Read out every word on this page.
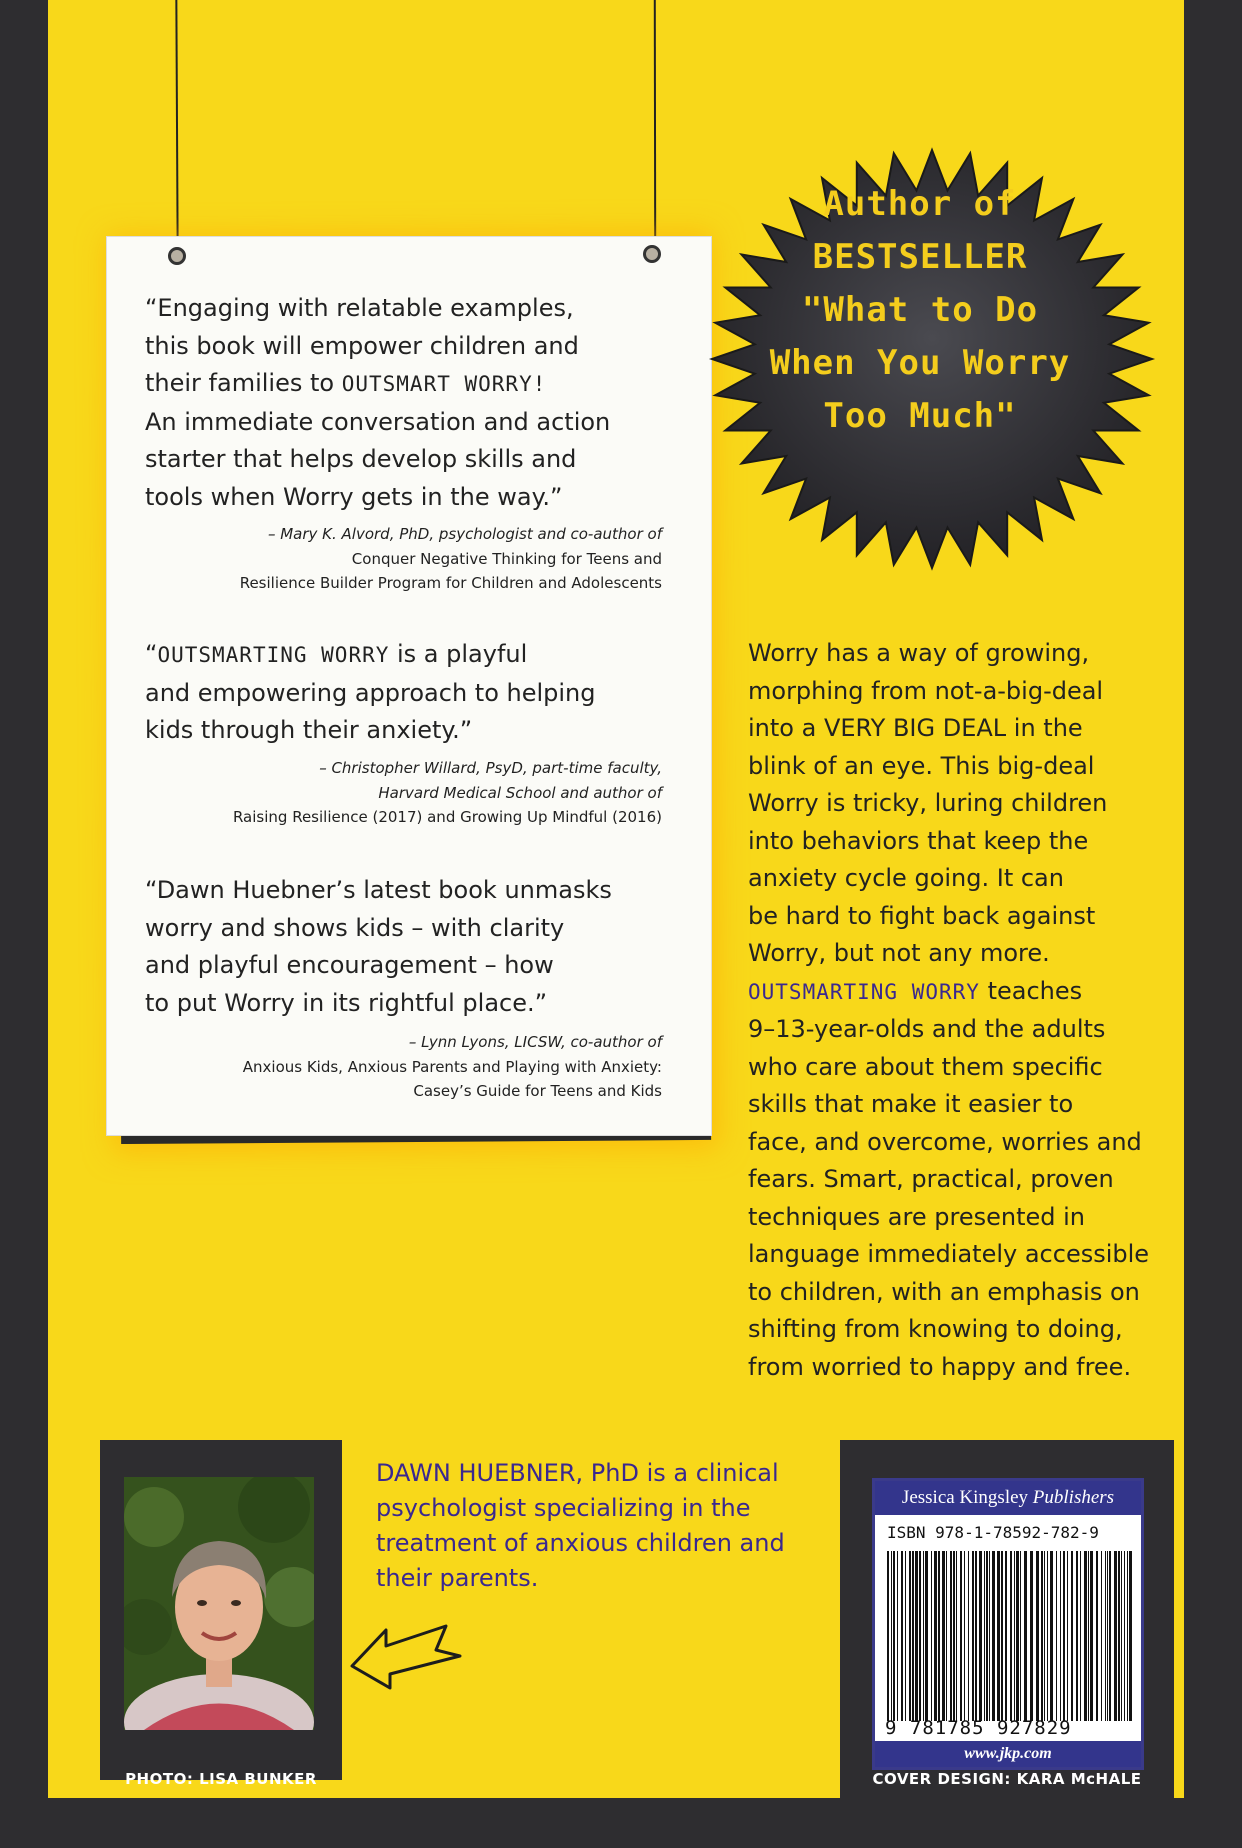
“Engaging with relatable examples,
this book will empower children and
their families to OUTSMART WORRY!
An immediate conversation and action
starter that helps develop skills and
tools when Worry gets in the way.”
– Mary K. Alvord, PhD, psychologist and co-author of
Conquer Negative Thinking for Teens and
Resilience Builder Program for Children and Adolescents
“OUTSMARTING WORRY is a playful
and empowering approach to helping
kids through their anxiety.”
– Christopher Willard, PsyD, part-time faculty,
Harvard Medical School and author of
Raising Resilience (2017) and Growing Up Mindful (2016)
“Dawn Huebner’s latest book unmasks
worry and shows kids – with clarity
and playful encouragement – how
to put Worry in its rightful place.”
– Lynn Lyons, LICSW, co-author of
Anxious Kids, Anxious Parents and Playing with Anxiety:
Casey’s Guide for Teens and Kids
Author of
BESTSELLER
"What to Do
When You Worry
Too Much"
Worry has a way of growing,
morphing from not-a-big-deal
into a VERY BIG DEAL in the
blink of an eye. This big-deal
Worry is tricky, luring children
into behaviors that keep the
anxiety cycle going. It can
be hard to fight back against
Worry, but not any more.
OUTSMARTING WORRY teaches
9–13-year-olds and the adults
who care about them specific
skills that make it easier to
face, and overcome, worries and
fears. Smart, practical, proven
techniques are presented in
language immediately accessible
to children, with an emphasis on
shifting from knowing to doing,
from worried to happy and free.
PHOTO: LISA BUNKER
DAWN HUEBNER, PhD is a clinical psychologist specializing in the treatment of anxious children and their parents.
Jessica Kingsley Publishers
ISBN 978-1-78592-782-9
9 781785 927829
www.jkp.com
COVER DESIGN: KARA McHALE
